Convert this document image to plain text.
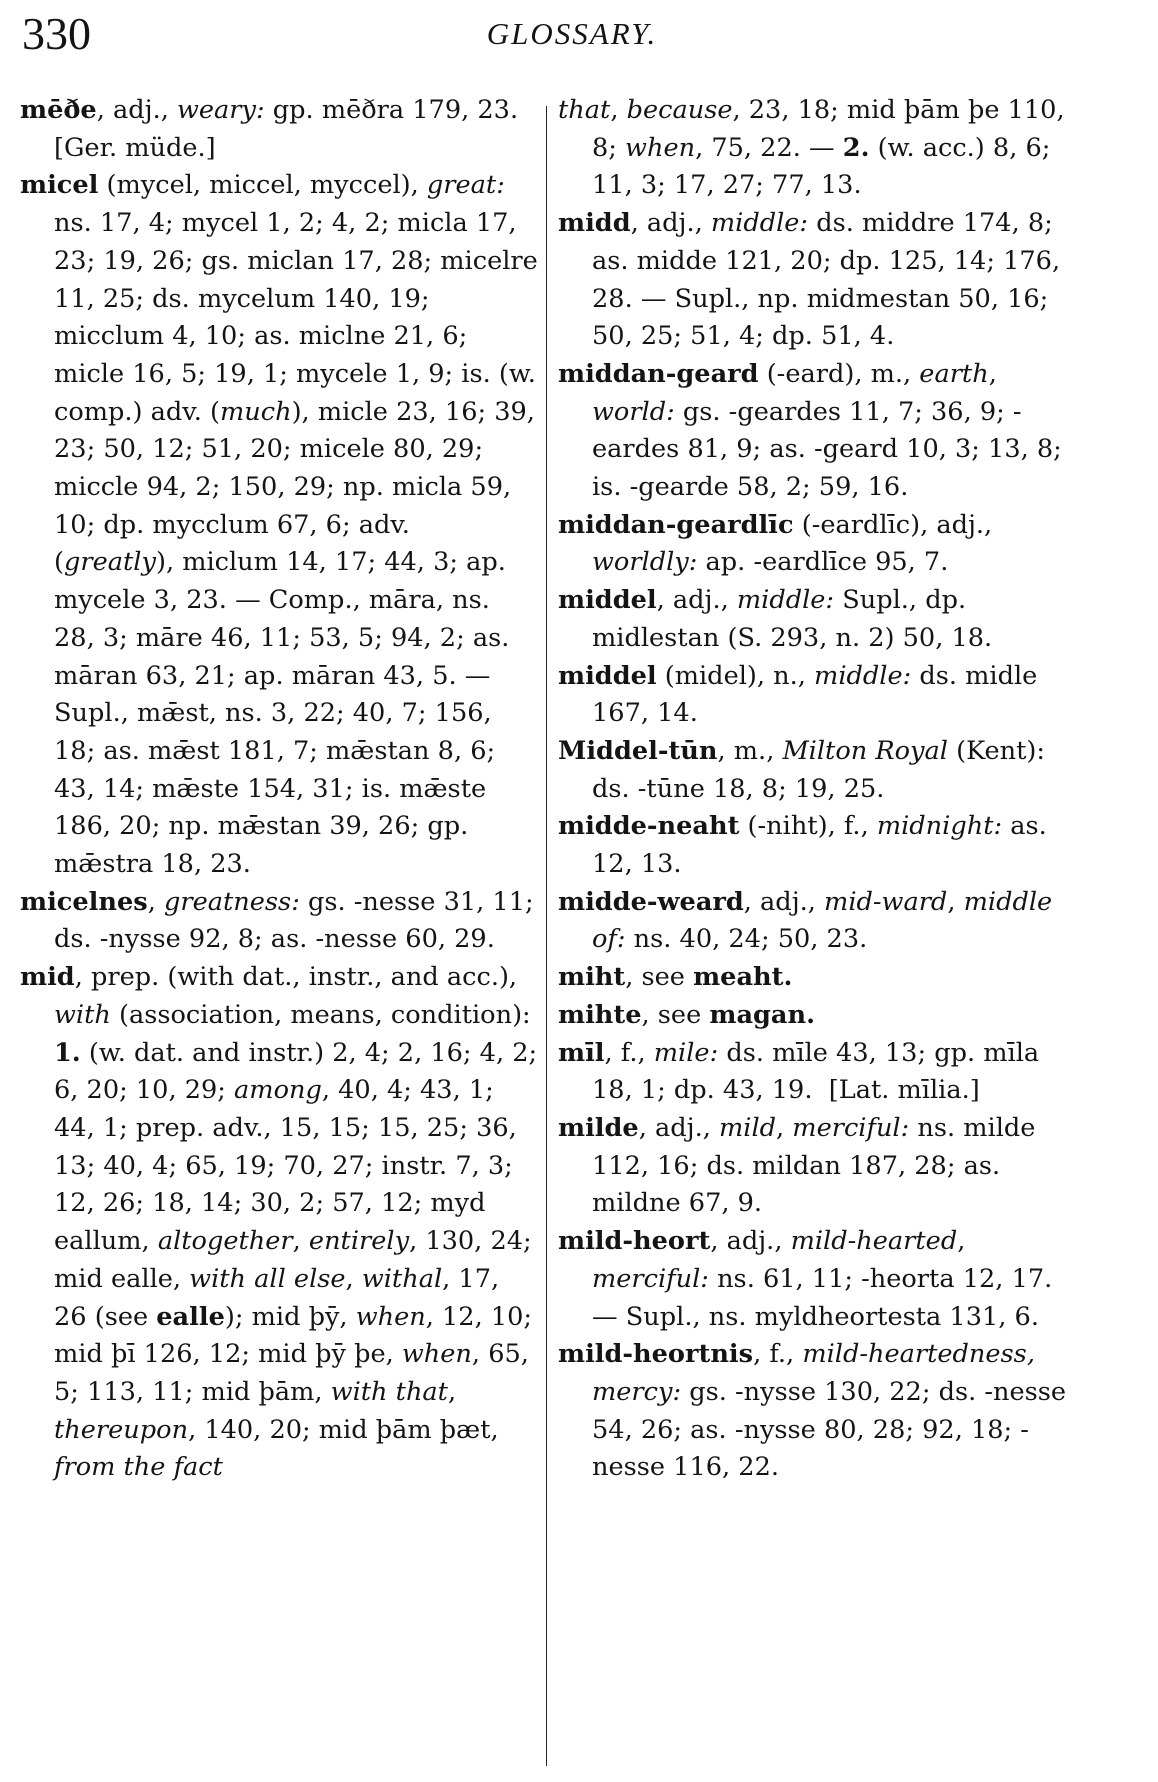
330	GLOSSARY.

mēðe, adj., weary: gp. mēðra 179, 23.  [Ger. müde.]

micel (mycel, miccel, myccel), great: ns. 17, 4; mycel 1, 2; 4, 2; micla 17, 23; 19, 26; gs. miclan 17, 28; micelre 11, 25; ds. mycelum 140, 19; micclum 4, 10; as. miclne 21, 6; micle 16, 5; 19, 1; mycele 1, 9; is. (w. comp.) adv. (much), micle 23, 16; 39, 23; 50, 12; 51, 20; micele 80, 29; miccle 94, 2; 150, 29; np. micla 59, 10; dp. mycclum 67, 6; adv. (greatly), miclum 14, 17; 44, 3; ap. mycele 3, 23. — Comp., māra, ns. 28, 3; māre 46, 11; 53, 5; 94, 2; as. māran 63, 21; ap. māran 43, 5. — Supl., mǣst, ns. 3, 22; 40, 7; 156, 18; as. mǣst 181, 7; mǣstan 8, 6; 43, 14; mǣste 154, 31; is. mǣste 186, 20; np. mǣstan 39, 26; gp. mǣstra 18, 23.

micelnes, greatness: gs. -nesse 31, 11; ds. -nysse 92, 8; as. -nesse 60, 29.

mid, prep. (with dat., instr., and acc.), with (association, means, condition): 1. (w. dat. and instr.) 2, 4; 2, 16; 4, 2; 6, 20; 10, 29; among, 40, 4; 43, 1; 44, 1; prep. adv., 15, 15; 15, 25; 36, 13; 40, 4; 65, 19; 70, 27; instr. 7, 3; 12, 26; 18, 14; 30, 2; 57, 12; myd eallum, altogether, entirely, 130, 24; mid ealle, with all else, withal, 17, 26 (see ealle); mid þȳ, when, 12, 10; mid þī 126, 12; mid þȳ þe, when, 65, 5; 113, 11; mid þām, with that, thereupon, 140, 20; mid þām þæt, from the fact

that, because, 23, 18; mid þām þe 110, 8; when, 75, 22. — 2. (w. acc.) 8, 6; 11, 3; 17, 27; 77, 13.

midd, adj., middle: ds. middre 174, 8; as. midde 121, 20; dp. 125, 14; 176, 28. — Supl., np. midmestan 50, 16; 50, 25; 51, 4; dp. 51, 4.

middan-geard (-eard), m., earth, world: gs. -geardes 11, 7; 36, 9; -eardes 81, 9; as. -geard 10, 3; 13, 8; is. -gearde 58, 2; 59, 16.

middan-geardlīc (-eardlīc), adj., worldly: ap. -eardlīce 95, 7.

middel, adj., middle: Supl., dp. midlestan (S. 293, n. 2) 50, 18.

middel (midel), n., middle: ds. midle 167, 14.

Middel-tūn, m., Milton Royal (Kent): ds. -tūne 18, 8; 19, 25.

midde-neaht (-niht), f., midnight: as. 12, 13.

midde-weard, adj., mid-ward, middle of: ns. 40, 24; 50, 23.

miht, see meaht.

mihte, see magan.

mīl, f., mile: ds. mīle 43, 13; gp. mīla 18, 1; dp. 43, 19.  [Lat. mīlia.]

milde, adj., mild, merciful: ns. milde 112, 16; ds. mildan 187, 28; as. mildne 67, 9.

mild-heort, adj., mild-hearted, merciful: ns. 61, 11; -heorta 12, 17. — Supl., ns. myldheortesta 131, 6.

mild-heortnis, f., mild-heartedness, mercy: gs. -nysse 130, 22; ds. -nesse 54, 26; as. -nysse 80, 28; 92, 18; -nesse 116, 22.
